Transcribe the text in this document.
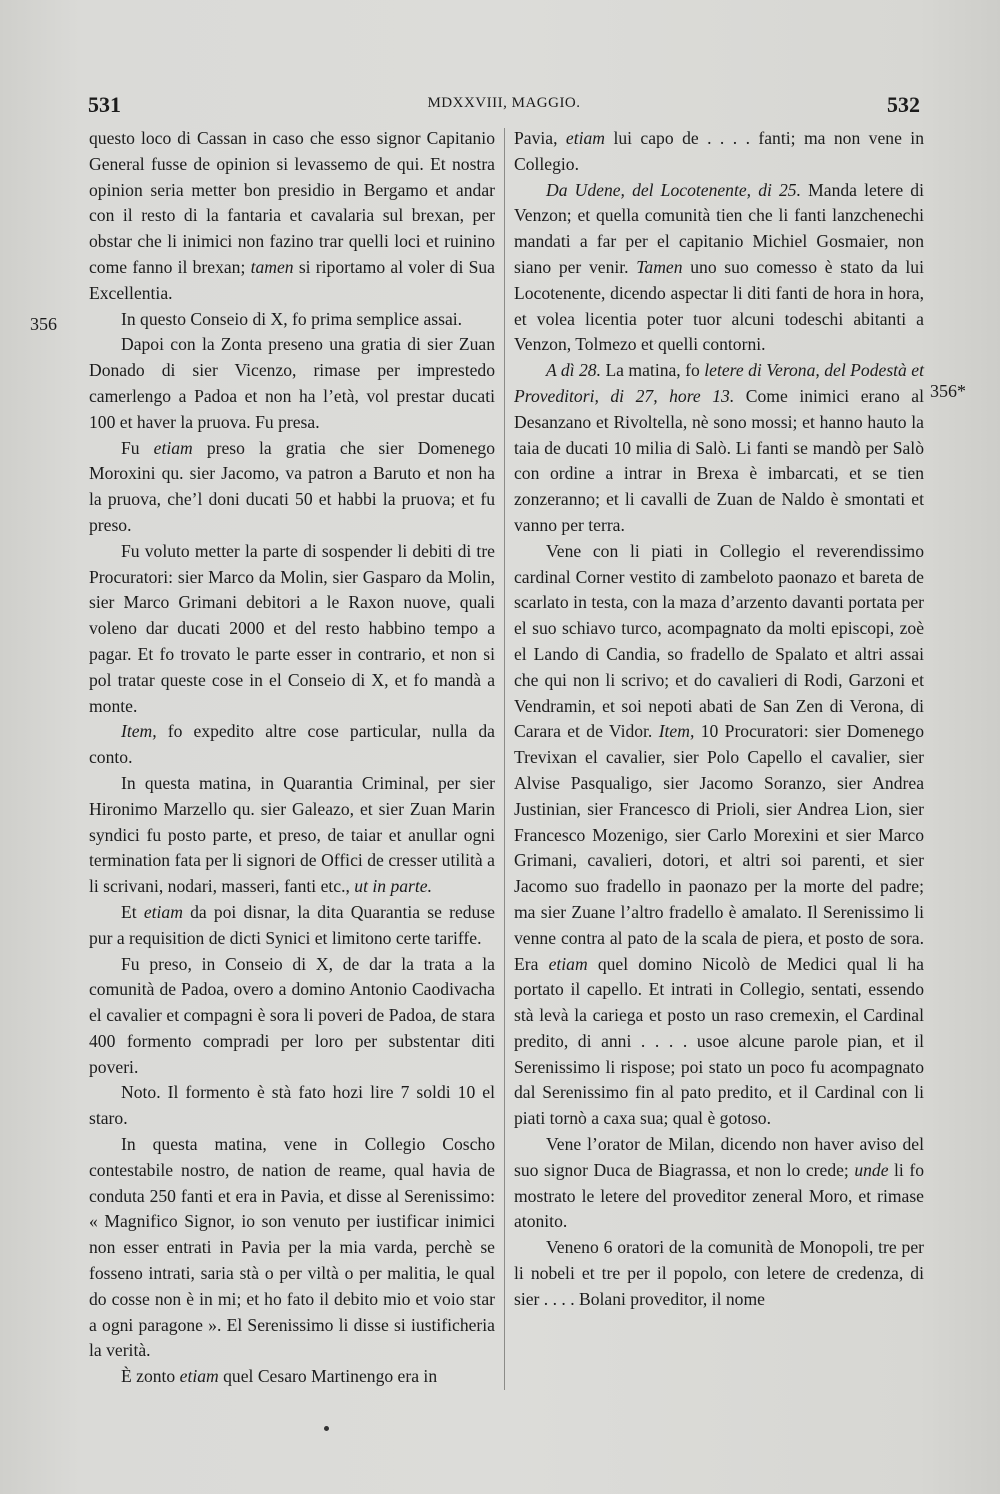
531	MDXXVIII, MAGGIO.	532
356
356*

questo loco di Cassan in caso che esso signor Capitanio General fusse de opinion si levassemo de qui. Et nostra opinion seria metter bon presidio in Bergamo et andar con il resto di la fantaria et cavalaria sul brexan, per obstar che li inimici non fazino trar quelli loci et ruinino come fanno il brexan; tamen si riportamo al voler di Sua Excellentia.

In questo Conseio di X, fo prima semplice assai.

Dapoi con la Zonta preseno una gratia di sier Zuan Donado di sier Vicenzo, rimase per imprestedo camerlengo a Padoa et non ha l’età, vol prestar ducati 100 et haver la pruova. Fu presa.

Fu etiam preso la gratia che sier Domenego Moroxini qu. sier Jacomo, va patron a Baruto et non ha la pruova, che’l doni ducati 50 et habbi la pruova; et fu preso.

Fu voluto metter la parte di sospender li debiti di tre Procuratori: sier Marco da Molin, sier Gasparo da Molin, sier Marco Grimani debitori a le Raxon nuove, quali voleno dar ducati 2000 et del resto habbino tempo a pagar. Et fo trovato le parte esser in contrario, et non si pol tratar queste cose in el Conseio di X, et fo mandà a monte.

Item, fo expedito altre cose particular, nulla da conto.

In questa matina, in Quarantia Criminal, per sier Hironimo Marzello qu. sier Galeazo, et sier Zuan Marin syndici fu posto parte, et preso, de taiar et anullar ogni termination fata per li signori de Offici de cresser utilità a li scrivani, nodari, masseri, fanti etc., ut in parte.

Et etiam da poi disnar, la dita Quarantia se reduse pur a requisition de dicti Synici et limitono certe tariffe.

Fu preso, in Conseio di X, de dar la trata a la comunità de Padoa, overo a domino Antonio Caodivacha el cavalier et compagni è sora li poveri de Padoa, de stara 400 formento compradi per loro per substentar diti poveri.

Noto. Il formento è stà fato hozi lire 7 soldi 10 el staro.

In questa matina, vene in Collegio Coscho contestabile nostro, de nation de reame, qual havia de conduta 250 fanti et era in Pavia, et disse al Serenissimo: « Magnifico Signor, io son venuto per iustificar inimici non esser entrati in Pavia per la mia varda, perchè se fosseno intrati, saria stà o per viltà o per malitia, le qual do cosse non è in mi; et ho fato il debito mio et voio star a ogni paragone ». El Serenissimo li disse si iustificheria la verità.

È zonto etiam quel Cesaro Martinengo era in

Pavia, etiam lui capo de . . . . fanti; ma non vene in Collegio.

Da Udene, del Locotenente, di 25. Manda letere di Venzon; et quella comunità tien che li fanti lanzchenechi mandati a far per el capitanio Michiel Gosmaier, non siano per venir. Tamen uno suo comesso è stato da lui Locotenente, dicendo aspectar li diti fanti de hora in hora, et volea licentia poter tuor alcuni todeschi abitanti a Venzon, Tolmezo et quelli contorni.

A dì 28. La matina, fo letere di Verona, del Podestà et Proveditori, di 27, hore 13. Come inimici erano al Desanzano et Rivoltella, nè sono mossi; et hanno hauto la taia de ducati 10 milia di Salò. Li fanti se mandò per Salò con ordine a intrar in Brexa è imbarcati, et se tien zonzeranno; et li cavalli de Zuan de Naldo è smontati et vanno per terra.

Vene con li piati in Collegio el reverendissimo cardinal Corner vestito di zambeloto paonazo et bareta de scarlato in testa, con la maza d’arzento davanti portata per el suo schiavo turco, acompagnato da molti episcopi, zoè el Lando di Candia, so fradello de Spalato et altri assai che qui non li scrivo; et do cavalieri di Rodi, Garzoni et Vendramin, et soi nepoti abati de San Zen di Verona, di Carara et de Vidor. Item, 10 Procuratori: sier Domenego Trevixan el cavalier, sier Polo Capello el cavalier, sier Alvise Pasqualigo, sier Jacomo Soranzo, sier Andrea Justinian, sier Francesco di Prioli, sier Andrea Lion, sier Francesco Mozenigo, sier Carlo Morexini et sier Marco Grimani, cavalieri, dotori, et altri soi parenti, et sier Jacomo suo fradello in paonazo per la morte del padre; ma sier Zuane l’altro fradello è amalato. Il Serenissimo li venne contra al pato de la scala de piera, et posto de sora. Era etiam quel domino Nicolò de Medici qual li ha portato il capello. Et intrati in Collegio, sentati, essendo stà levà la cariega et posto un raso cremexin, el Cardinal predito, di anni . . . . usoe alcune parole pian, et il Serenissimo li rispose; poi stato un poco fu acompagnato dal Serenissimo fin al pato predito, et il Cardinal con li piati tornò a caxa sua; qual è gotoso.

Vene l’orator de Milan, dicendo non haver aviso del suo signor Duca de Biagrassa, et non lo crede; unde li fo mostrato le letere del proveditor zeneral Moro, et rimase atonito.

Veneno 6 oratori de la comunità de Monopoli, tre per li nobeli et tre per il popolo, con letere de credenza, di sier . . . . Bolani proveditor, il nome
